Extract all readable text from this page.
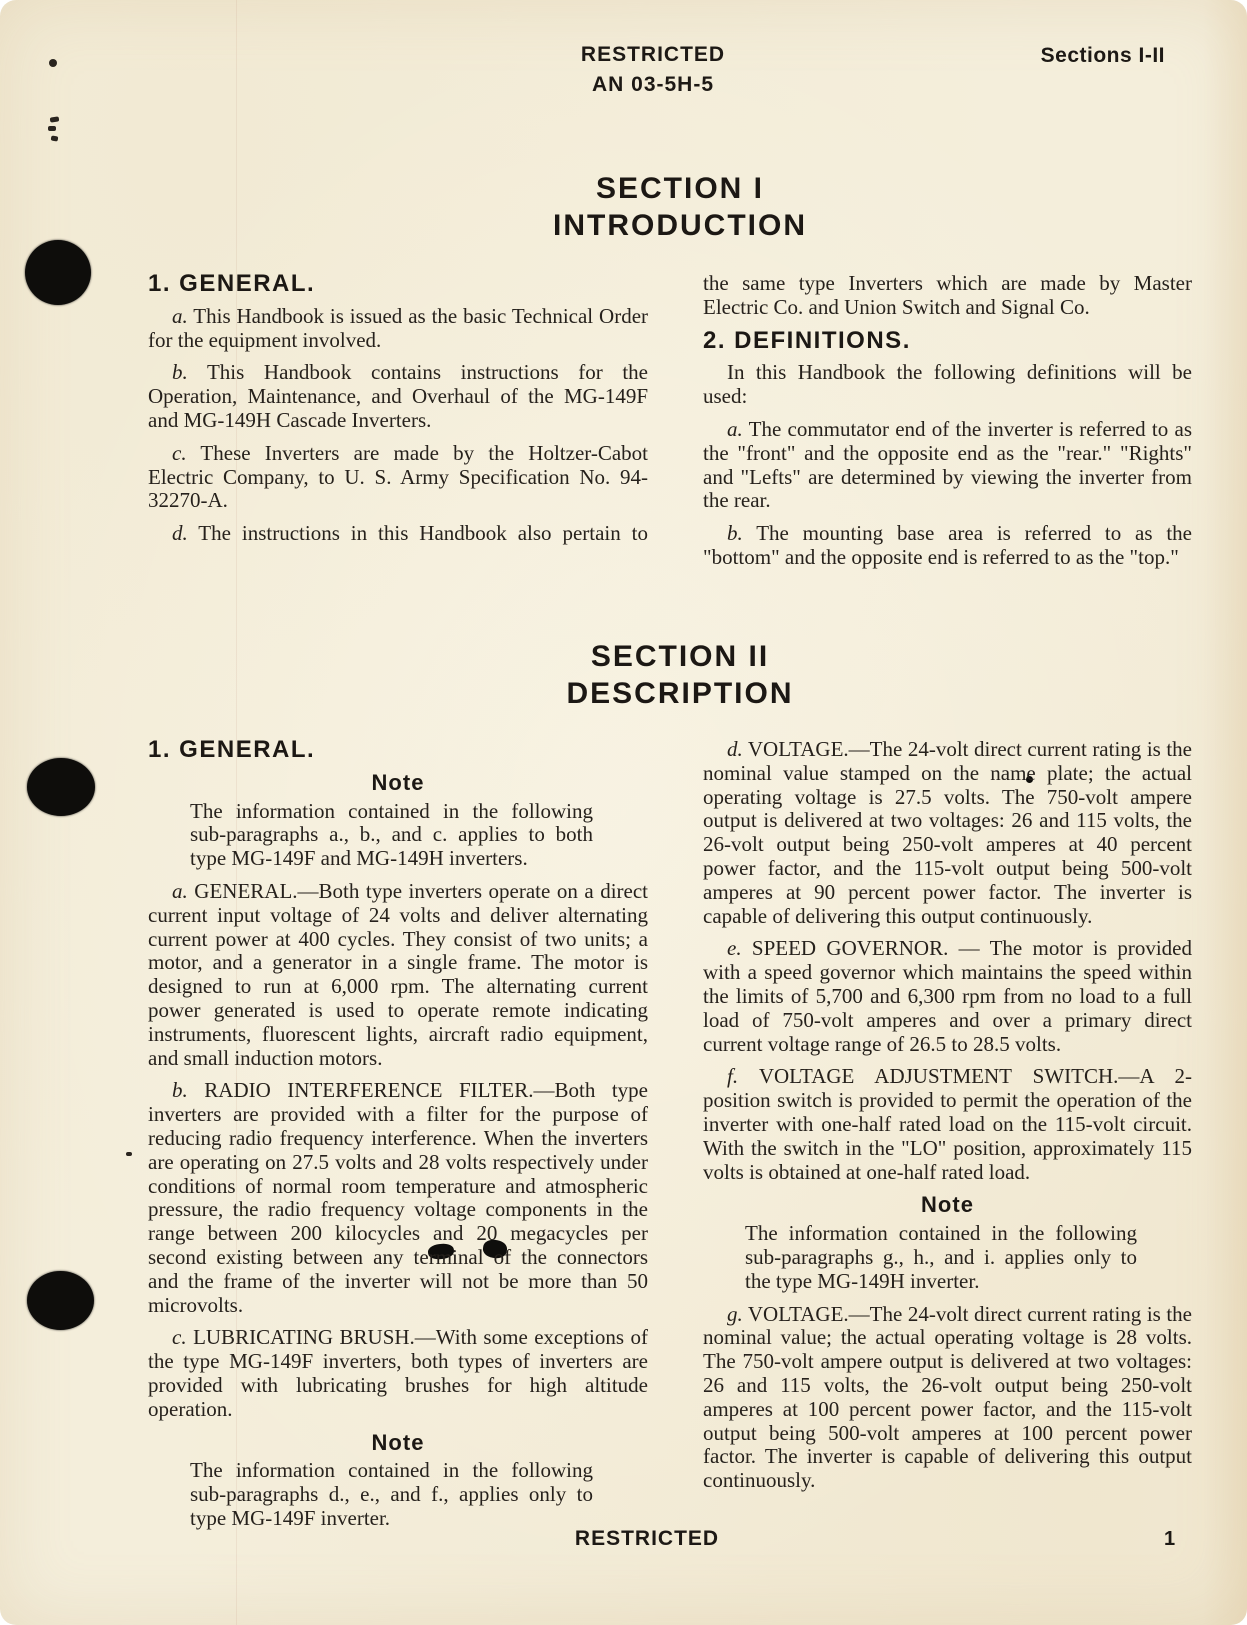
RESTRICTED
AN 03-5H-5
Sections I-II
SECTION I
INTRODUCTION
1. GENERAL.

a. This Handbook is issued as the basic Technical Order for the equipment involved.

b. This Handbook contains instructions for the Operation, Maintenance, and Overhaul of the MG-149F and MG-149H Cascade Inverters.

c. These Inverters are made by the Holtzer-Cabot Electric Company, to U. S. Army Specification No. 94-32270-A.

d. The instructions in this Handbook also pertain to

the same type Inverters which are made by Master Electric Co. and Union Switch and Signal Co.

2. DEFINITIONS.

In this Handbook the following definitions will be used:

a. The commutator end of the inverter is referred to as the "front" and the opposite end as the "rear." "Rights" and "Lefts" are determined by viewing the inverter from the rear.

b. The mounting base area is referred to as the "bottom" and the opposite end is referred to as the "top."

SECTION II
DESCRIPTION
1. GENERAL.
Note

The information contained in the following sub-paragraphs a., b., and c. applies to both type MG-149F and MG-149H inverters.

a. GENERAL.—Both type inverters operate on a direct current input voltage of 24 volts and deliver alternating current power at 400 cycles. They consist of two units; a motor, and a generator in a single frame. The motor is designed to run at 6,000 rpm. The alternating current power generated is used to operate remote indicating instruments, fluorescent lights, aircraft radio equipment, and small induction motors.

b. RADIO INTERFERENCE FILTER.—Both type inverters are provided with a filter for the purpose of reducing radio frequency interference. When the inverters are operating on 27.5 volts and 28 volts respectively under conditions of normal room temperature and atmospheric pressure, the radio frequency voltage components in the range between 200 kilocycles and 20 megacycles per second existing between any terminal of the connectors and the frame of the inverter will not be more than 50 microvolts.

c. LUBRICATING BRUSH.—With some exceptions of the type MG-149F inverters, both types of inverters are provided with lubricating brushes for high altitude operation.

Note

The information contained in the following sub-paragraphs d., e., and f., applies only to type MG-149F inverter.

d. VOLTAGE.—The 24-volt direct current rating is the nominal value stamped on the name plate; the actual operating voltage is 27.5 volts. The 750-volt ampere output is delivered at two voltages: 26 and 115 volts, the 26-volt output being 250-volt amperes at 40 percent power factor, and the 115-volt output being 500-volt amperes at 90 percent power factor. The inverter is capable of delivering this output continuously.

e. SPEED GOVERNOR. — The motor is provided with a speed governor which maintains the speed within the limits of 5,700 and 6,300 rpm from no load to a full load of 750-volt amperes and over a primary direct current voltage range of 26.5 to 28.5 volts.

f. VOLTAGE ADJUSTMENT SWITCH.—A 2-position switch is provided to permit the operation of the inverter with one-half rated load on the 115-volt circuit. With the switch in the "LO" position, approximately 115 volts is obtained at one-half rated load.

Note

The information contained in the following sub-paragraphs g., h., and i. applies only to the type MG-149H inverter.

g. VOLTAGE.—The 24-volt direct current rating is the nominal value; the actual operating voltage is 28 volts. The 750-volt ampere output is delivered at two voltages: 26 and 115 volts, the 26-volt output being 250-volt amperes at 100 percent power factor, and the 115-volt output being 500-volt amperes at 100 percent power factor. The inverter is capable of delivering this output continuously.

RESTRICTED	1
